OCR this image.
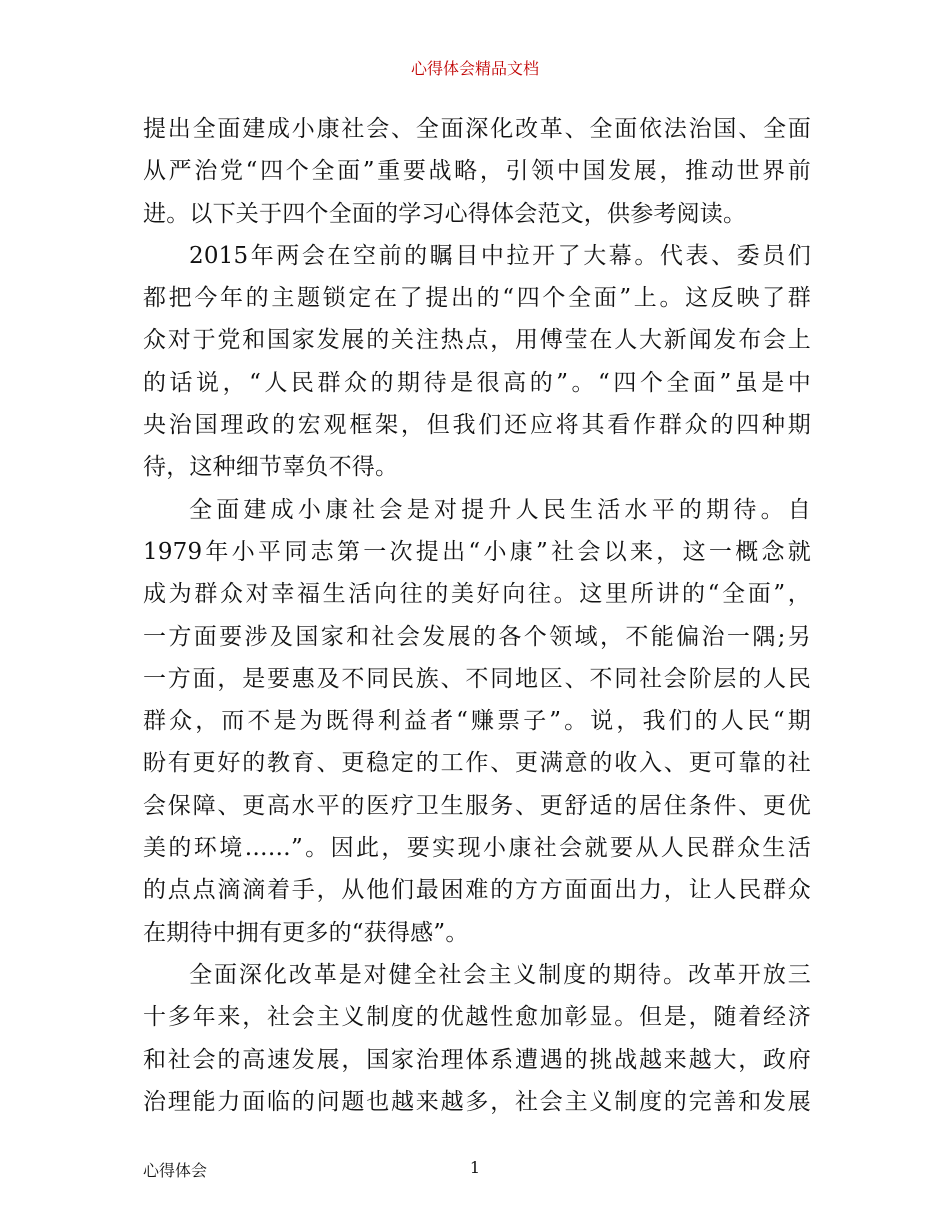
心得体会精品文档
提出全面建成小康社会、全面深化改革、全面依法治国、全面
从严治党“四个全面”重要战略，引领中国发展，推动世界前
进。以下关于四个全面的学习心得体会范文，供参考阅读。
2015年两会在空前的瞩目中拉开了大幕。代表、委员们
都把今年的主题锁定在了提出的“四个全面”上。这反映了群
众对于党和国家发展的关注热点，用傅莹在人大新闻发布会上
的话说，“人民群众的期待是很高的”。“四个全面”虽是中
央治国理政的宏观框架，但我们还应将其看作群众的四种期
待，这种细节辜负不得。
全面建成小康社会是对提升人民生活水平的期待。自
1979年小平同志第一次提出“小康”社会以来，这一概念就
成为群众对幸福生活向往的美好向往。这里所讲的“全面”，
一方面要涉及国家和社会发展的各个领域，不能偏治一隅;另
一方面，是要惠及不同民族、不同地区、不同社会阶层的人民
群众，而不是为既得利益者“赚票子”。说，我们的人民“期
盼有更好的教育、更稳定的工作、更满意的收入、更可靠的社
会保障、更高水平的医疗卫生服务、更舒适的居住条件、更优
美的环境……”。因此，要实现小康社会就要从人民群众生活
的点点滴滴着手，从他们最困难的方方面面出力，让人民群众
在期待中拥有更多的“获得感”。
全面深化改革是对健全社会主义制度的期待。改革开放三
十多年来，社会主义制度的优越性愈加彰显。但是，随着经济
和社会的高速发展，国家治理体系遭遇的挑战越来越大，政府
治理能力面临的问题也越来越多，社会主义制度的完善和发展
心得体会	1
